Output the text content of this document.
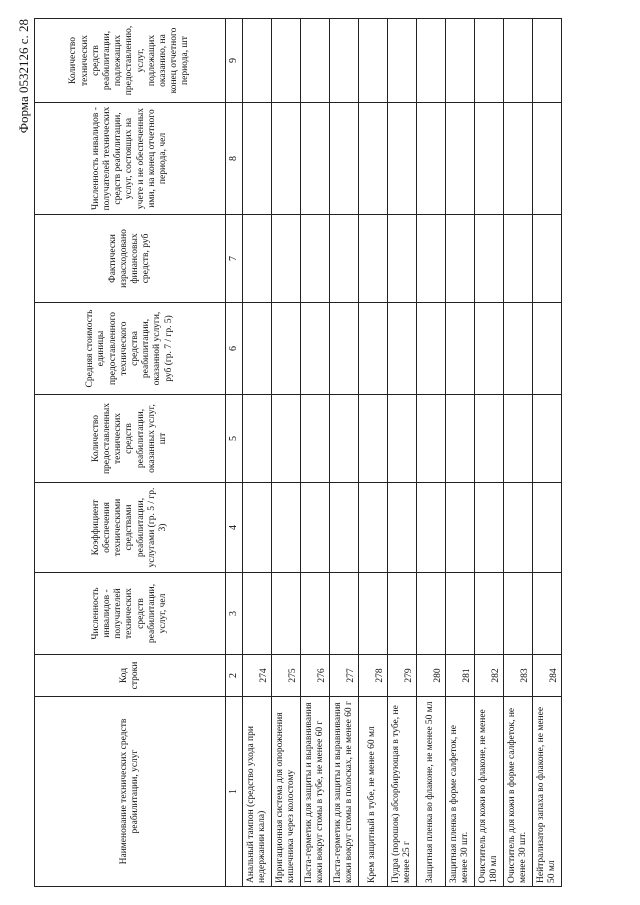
Форма 0532126 с. 28
Наименование технических средств реабилитации, услуг	Код строки	Численность инвалидов - получателей технических средств реабилитации, услуг, чел	Коэффициент обеспечения техническими средствами реабилитации, услугами (гр. 5 / гр. 3)	Количество предоставленных технических средств реабилитации, оказанных услуг, шт	Средняя стоимость единицы предоставленного технического средства реабилитации, оказанной услуги, руб (гр. 7 / гр. 5)	Фактически израсходовано финансовых средств, руб	Численность инвалидов - получателей технических средств реабилитации, услуг, состоящих на учете и не обеспеченных ими, на конец отчетного периода, чел	Количество технических средств реабилитации, подлежащих предоставлению, услуг, подлежащих оказанию, на конец отчетного периода, шт
1	2	3	4	5	6	7	8	9
Анальный тампон (средство ухода при недержании кала)	274							
Ирригационная система для опорожнения кишечника через колостому	275							
Паста-герметик для защиты и выравнивания кожи вокруг стомы в тубе, не менее 60 г	276							
Паста-герметик для защиты и выравнивания кожи вокруг стомы в полосках, не менее 60 г	277							
Крем защитный в тубе, не менее 60 мл	278							
Пудра (порошок) абсорбирующая в тубе, не менее 25 г	279							
Защитная пленка во флаконе, не менее 50 мл	280							
Защитная пленка в форме салфеток, не менее 30 шт.	281							
Очиститель для кожи во флаконе, не менее 180 мл	282							
Очиститель для кожи в форме салфеток, не менее 30 шт.	283							
Нейтрализатор запаха во флаконе, не менее 50 мл	284							
